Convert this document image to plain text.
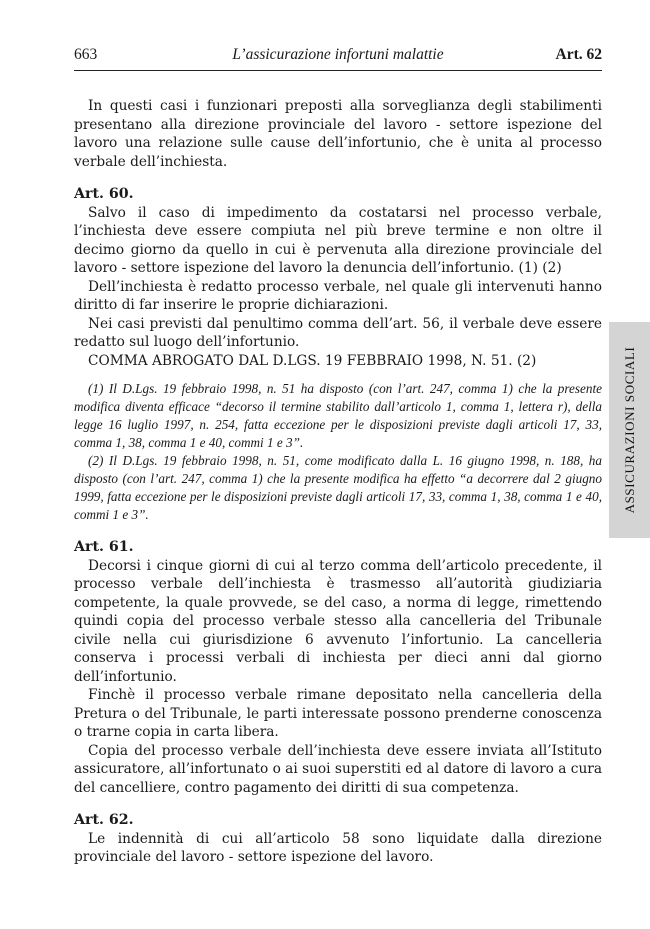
663	L’assicurazione infortuni malattie	Art. 62
ASSICURAZIONI SOCIALI

In questi casi i funzionari preposti alla sorveglianza degli stabilimenti presentano alla direzione provinciale del lavoro - settore ispezione del lavoro una relazione sulle cause dell’infortunio, che è unita al processo verbale dell’inchiesta.

Art. 60.

Salvo il caso di impedimento da costatarsi nel processo verbale, l’inchiesta deve essere compiuta nel più breve termine e non oltre il decimo giorno da quello in cui è pervenuta alla direzione provinciale del lavoro - settore ispezione del lavoro la denuncia dell’infortunio. (1) (2)

Dell’inchiesta è redatto processo verbale, nel quale gli intervenuti hanno diritto di far inserire le proprie dichiarazioni.

Nei casi previsti dal penultimo comma dell’art. 56, il verbale deve essere redatto sul luogo dell’infortunio.

COMMA ABROGATO DAL D.LGS. 19 FEBBRAIO 1998, N. 51. (2)

(1) Il D.Lgs. 19 febbraio 1998, n. 51 ha disposto (con l’art. 247, comma 1) che la presente modifica diventa efficace “decorso il termine stabilito dall’articolo 1, comma 1, lettera r), della legge 16 luglio 1997, n. 254, fatta eccezione per le disposizioni previste dagli articoli 17, 33, comma 1, 38, comma 1 e 40, commi 1 e 3”.

(2) Il D.Lgs. 19 febbraio 1998, n. 51, come modificato dalla L. 16 giugno 1998, n. 188, ha disposto (con l’art. 247, comma 1) che la presente modifica ha effetto “a decorrere dal 2 giugno 1999, fatta eccezione per le disposizioni previste dagli articoli 17, 33, comma 1, 38, comma 1 e 40, commi 1 e 3”.

Art. 61.

Decorsi i cinque giorni di cui al terzo comma dell’articolo precedente, il processo verbale dell’inchiesta è trasmesso all’autorità giudiziaria competente, la quale provvede, se del caso, a norma di legge, rimettendo quindi copia del processo verbale stesso alla cancelleria del Tribunale civile nella cui giurisdizione 6 avvenuto l’infortunio. La cancelleria conserva i processi verbali di inchiesta per dieci anni dal giorno dell’infortunio.

Finchè il processo verbale rimane depositato nella cancelleria della Pretura o del Tribunale, le parti interessate possono prenderne conoscenza o trarne copia in carta libera.

Copia del processo verbale dell’inchiesta deve essere inviata all’Istituto assicuratore, all’infortunato o ai suoi superstiti ed al datore di lavoro a cura del cancelliere, contro pagamento dei diritti di sua competenza.

Art. 62.

Le indennità di cui all’articolo 58 sono liquidate dalla direzione provinciale del lavoro - settore ispezione del lavoro.
